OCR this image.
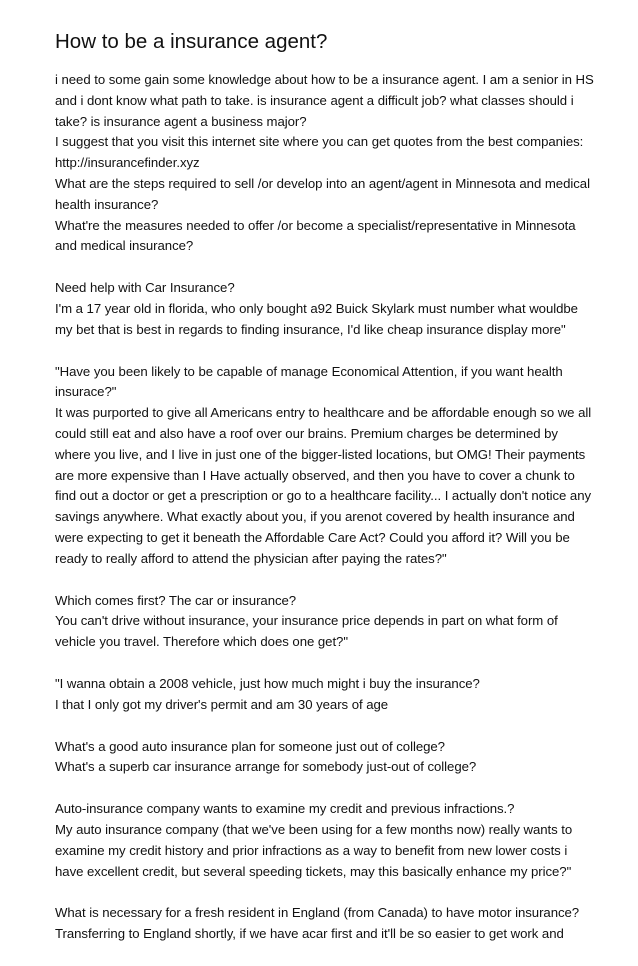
How to be a insurance agent?

i need to some gain some knowledge about how to be a insurance agent. I am a senior in HS

and i dont know what path to take. is insurance agent a difficult job? what classes should i

take? is insurance agent a business major?

I suggest that you visit this internet site where you can get quotes from the best companies:

http://insurancefinder.xyz

What are the steps required to sell /or develop into an agent/agent in Minnesota and medical

health insurance?

What're the measures needed to offer /or become a specialist/representative in Minnesota

and medical insurance?

Need help with Car Insurance?

I'm a 17 year old in florida, who only bought a92 Buick Skylark must number what wouldbe

my bet that is best in regards to finding insurance, I'd like cheap insurance display more"

"Have you been likely to be capable of manage Economical Attention, if you want health

insurace?"

It was purported to give all Americans entry to healthcare and be affordable enough so we all

could still eat and also have a roof over our brains. Premium charges be determined by

where you live, and I live in just one of the bigger-listed locations, but OMG! Their payments

are more expensive than I Have actually observed, and then you have to cover a chunk to

find out a doctor or get a prescription or go to a healthcare facility... I actually don't notice any

savings anywhere. What exactly about you, if you arenot covered by health insurance and

were expecting to get it beneath the Affordable Care Act? Could you afford it? Will you be

ready to really afford to attend the physician after paying the rates?"

Which comes first? The car or insurance?

You can't drive without insurance, your insurance price depends in part on what form of

vehicle you travel. Therefore which does one get?"

"I wanna obtain a 2008 vehicle, just how much might i buy the insurance?

I that I only got my driver's permit and am 30 years of age

What's a good auto insurance plan for someone just out of college?

What's a superb car insurance arrange for somebody just-out of college?

Auto-insurance company wants to examine my credit and previous infractions.?

My auto insurance company (that we've been using for a few months now) really wants to

examine my credit history and prior infractions as a way to benefit from new lower costs i

have excellent credit, but several speeding tickets, may this basically enhance my price?"

What is necessary for a fresh resident in England (from Canada) to have motor insurance?

Transferring to England shortly, if we have acar first and it'll be so easier to get work and
